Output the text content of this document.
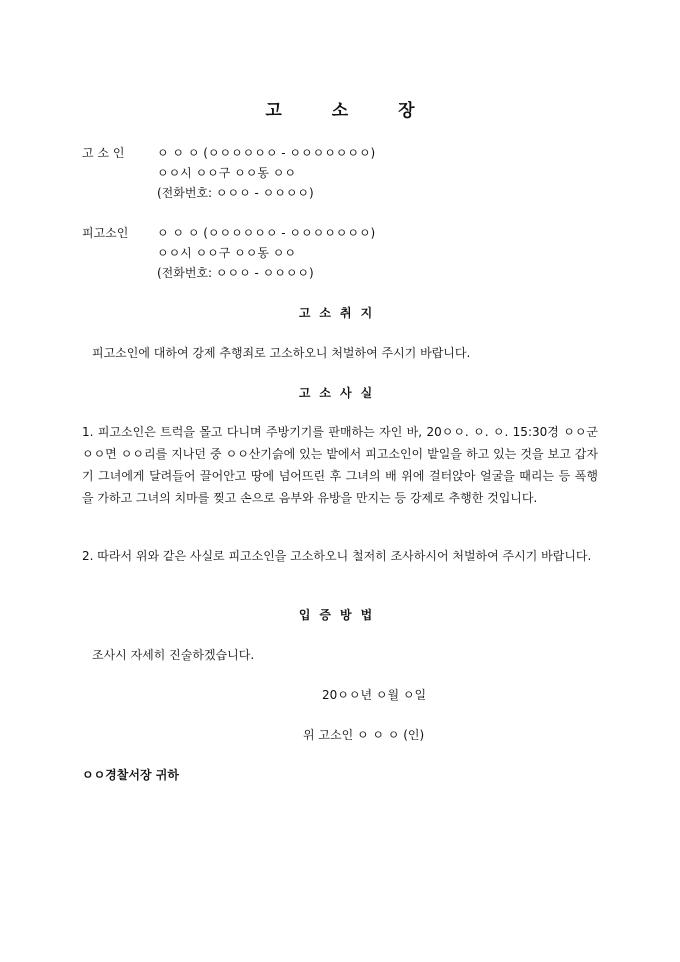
고	소	장
고 소 인	ㅇ ㅇ ㅇ (ㅇㅇㅇㅇㅇㅇ - ㅇㅇㅇㅇㅇㅇㅇ)
ㅇㅇ시 ㅇㅇ구 ㅇㅇ동 ㅇㅇ
(전화번호: ㅇㅇㅇ - ㅇㅇㅇㅇ)
피고소인 ㅇ ㅇ ㅇ (ㅇㅇㅇㅇㅇㅇ - ㅇㅇㅇㅇㅇㅇㅇ)
ㅇㅇ시 ㅇㅇ구 ㅇㅇ동 ㅇㅇ
(전화번호: ㅇㅇㅇ - ㅇㅇㅇㅇ)
고소취지
피고소인에 대하여 강제 추행죄로 고소하오니 처벌하여 주시기 바랍니다.
고소사실
1. 피고소인은 트럭을 몰고 다니며 주방기기를 판매하는 자인 바, 20ㅇㅇ. ㅇ. ㅇ. 15:30경 ㅇㅇ군 ㅇㅇ면 ㅇㅇ리를 지나던 중 ㅇㅇ산기슭에 있는 밭에서 피고소인이 밭일을 하고 있는 것을 보고 갑자기 그녀에게 달려들어 끌어안고 땅에 넘어뜨린 후 그녀의 배 위에 걸터앉아 얼굴을 때리는 등 폭행을 가하고 그녀의 치마를 찢고 손으로 음부와 유방을 만지는 등 강제로 추행한 것입니다.
2. 따라서 위와 같은 사실로 피고소인을 고소하오니 철저히 조사하시어 처벌하여 주시기 바랍니다.
입증방법
조사시 자세히 진술하겠습니다.
20ㅇㅇ년 ㅇ월 ㅇ일
위 고소인 ㅇ ㅇ ㅇ (인)
ㅇㅇ경찰서장 귀하
